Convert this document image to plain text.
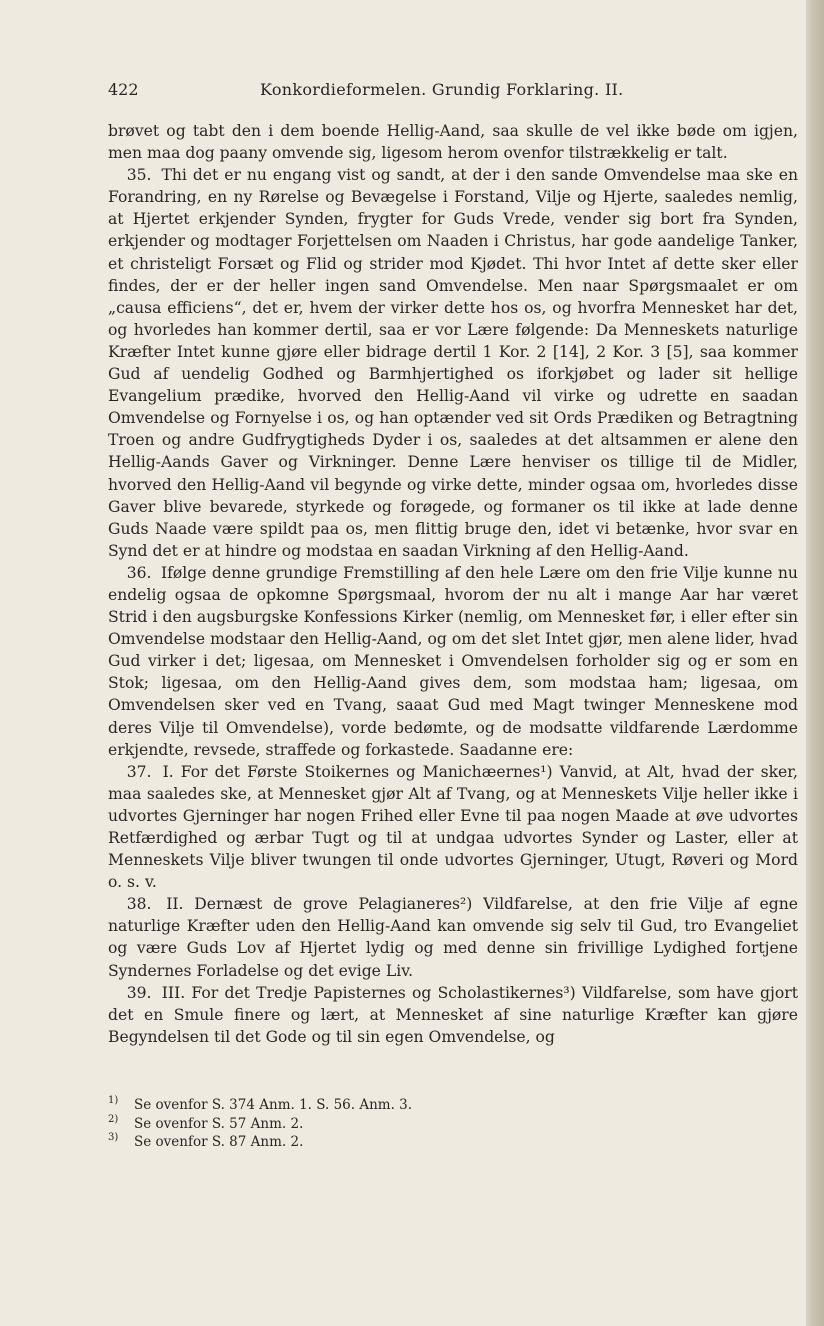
422	Konkordieformelen. Grundig Forklaring. II.

brøvet og tabt den i dem boende Hellig-Aand, saa skulle de vel ikke bøde om igjen, men maa dog paany omvende sig, ligesom herom ovenfor tilstrækkelig er talt.

  35. Thi det er nu engang vist og sandt, at der i den sande Omvendelse maa ske en Forandring, en ny Rørelse og Bevægelse i Forstand, Vilje og Hjerte, saaledes nemlig, at Hjertet erkjender Synden, frygter for Guds Vrede, vender sig bort fra Synden, erkjender og modtager Forjettelsen om Naaden i Christus, har gode aandelige Tanker, et christeligt Forsæt og Flid og strider mod Kjødet. Thi hvor Intet af dette sker eller findes, der er der heller ingen sand Omvendelse. Men naar Spørgsmaalet er om „causa efficiens“, det er, hvem der virker dette hos os, og hvorfra Mennesket har det, og hvorledes han kommer dertil, saa er vor Lære følgende: Da Menneskets naturlige Kræfter Intet kunne gjøre eller bidrage dertil 1 Kor. 2 [14], 2 Kor. 3 [5], saa kommer Gud af uendelig Godhed og Barmhjertighed os iforkjøbet og lader sit hellige Evangelium prædike, hvorved den Hellig-Aand vil virke og udrette en saadan Omvendelse og Fornyelse i os, og han optænder ved sit Ords Prædiken og Betragtning Troen og andre Gudfrygtigheds Dyder i os, saaledes at det altsammen er alene den Hellig-Aands Gaver og Virkninger. Denne Lære henviser os tillige til de Midler, hvorved den Hellig-Aand vil begynde og virke dette, minder ogsaa om, hvorledes disse Gaver blive bevarede, styrkede og forøgede, og formaner os til ikke at lade denne Guds Naade være spildt paa os, men flittig bruge den, idet vi betænke, hvor svar en Synd det er at hindre og modstaa en saadan Virkning af den Hellig-Aand.

  36. Ifølge denne grundige Fremstilling af den hele Lære om den frie Vilje kunne nu endelig ogsaa de opkomne Spørgsmaal, hvorom der nu alt i mange Aar har været Strid i den augsburgske Konfessions Kirker (nemlig, om Mennesket før, i eller efter sin Omvendelse modstaar den Hellig-Aand, og om det slet Intet gjør, men alene lider, hvad Gud virker i det; ligesaa, om Mennesket i Omvendelsen forholder sig og er som en Stok; ligesaa, om den Hellig-Aand gives dem, som modstaa ham; ligesaa, om Omvendelsen sker ved en Tvang, saaat Gud med Magt twinger Menneskene mod deres Vilje til Omvendelse), vorde bedømte, og de modsatte vildfarende Lærdomme erkjendte, revsede, straffede og forkastede. Saadanne ere:

  37. I. For det Første Stoikernes og Manichæernes¹) Vanvid, at Alt, hvad der sker, maa saaledes ske, at Mennesket gjør Alt af Tvang, og at Menneskets Vilje heller ikke i udvortes Gjerninger har nogen Frihed eller Evne til paa nogen Maade at øve udvortes Retfærdighed og ærbar Tugt og til at undgaa udvortes Synder og Laster, eller at Menneskets Vilje bliver twungen til onde udvortes Gjerninger, Utugt, Røveri og Mord o. s. v.

  38. II. Dernæst de grove Pelagianeres²) Vildfarelse, at den frie Vilje af egne naturlige Kræfter uden den Hellig-Aand kan omvende sig selv til Gud, tro Evangeliet og være Guds Lov af Hjertet lydig og med denne sin frivillige Lydighed fortjene Syndernes Forladelse og det evige Liv.

  39. III. For det Tredje Papisternes og Scholastikernes³) Vildfarelse, som have gjort det en Smule finere og lært, at Mennesket af sine naturlige Kræfter kan gjøre Begyndelsen til det Gode og til sin egen Omvendelse, og

1) Se ovenfor S. 374 Anm. 1. S. 56. Anm. 3.
2) Se ovenfor S. 57 Anm. 2.
3) Se ovenfor S. 87 Anm. 2.
